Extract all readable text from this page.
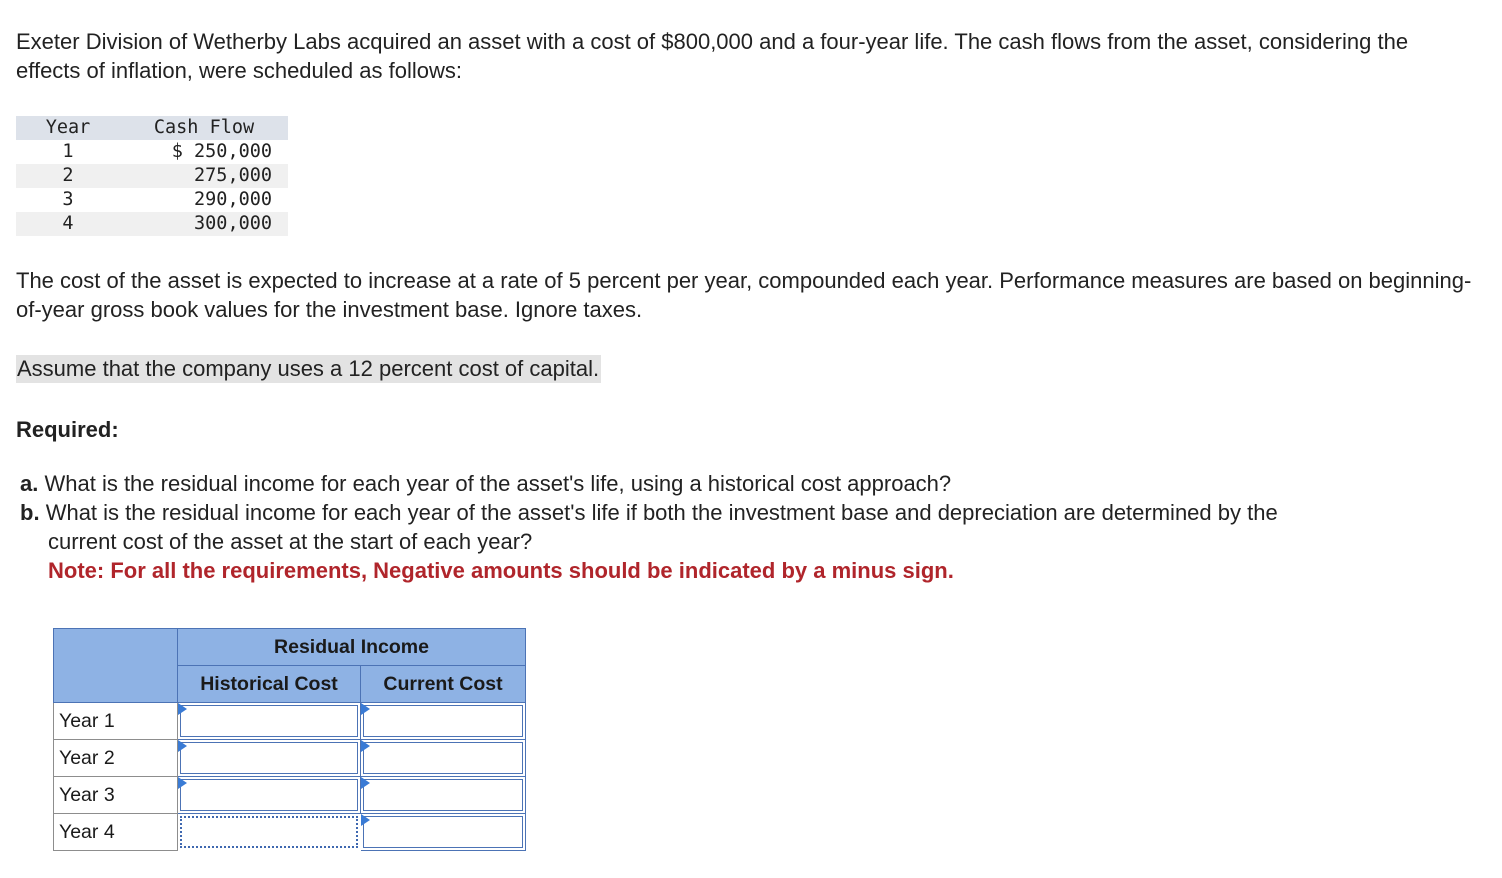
Exeter Division of Wetherby Labs acquired an asset with a cost of $800,000 and a four-year life. The cash flows from the asset, considering the effects of inflation, were scheduled as follows:

Year	Cash Flow
1	$ 250,000
2	275,000
3	290,000
4	300,000

The cost of the asset is expected to increase at a rate of 5 percent per year, compounded each year. Performance measures are based on beginning-of-year gross book values for the investment base. Ignore taxes.

Assume that the company uses a 12 percent cost of capital.

Required:

a. What is the residual income for each year of the asset's life, using a historical cost approach?
b. What is the residual income for each year of the asset's life if both the investment base and depreciation are determined by the
current cost of the asset at the start of each year?
Note: For all the requirements, Negative amounts should be indicated by a minus sign.
	Residual Income	
	Historical Cost	Current Cost
Year 1	

Year 2	

Year 3	

Year 4	
